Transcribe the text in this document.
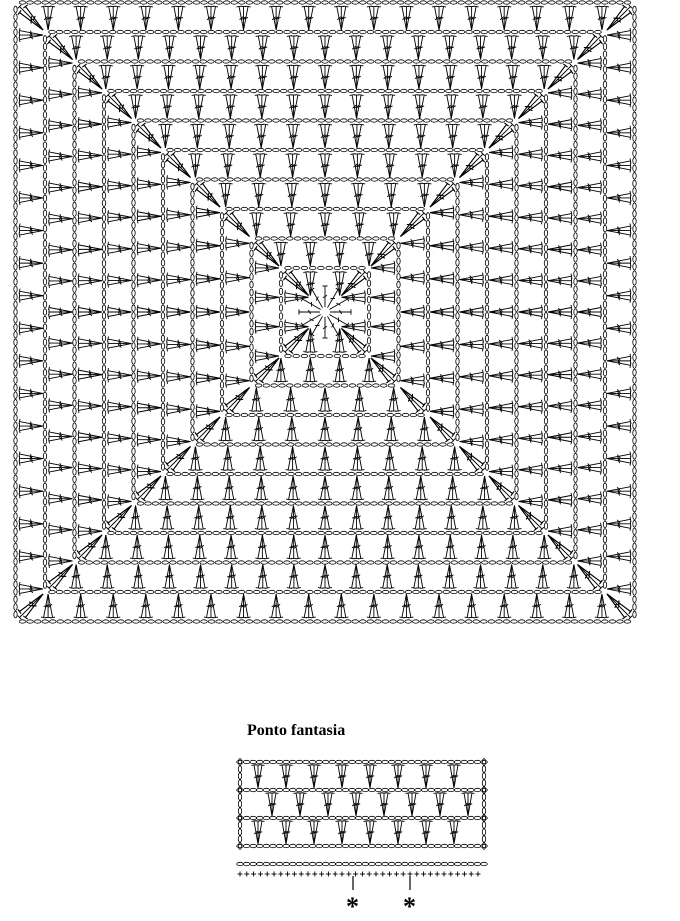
Ponto fantasia
* *
